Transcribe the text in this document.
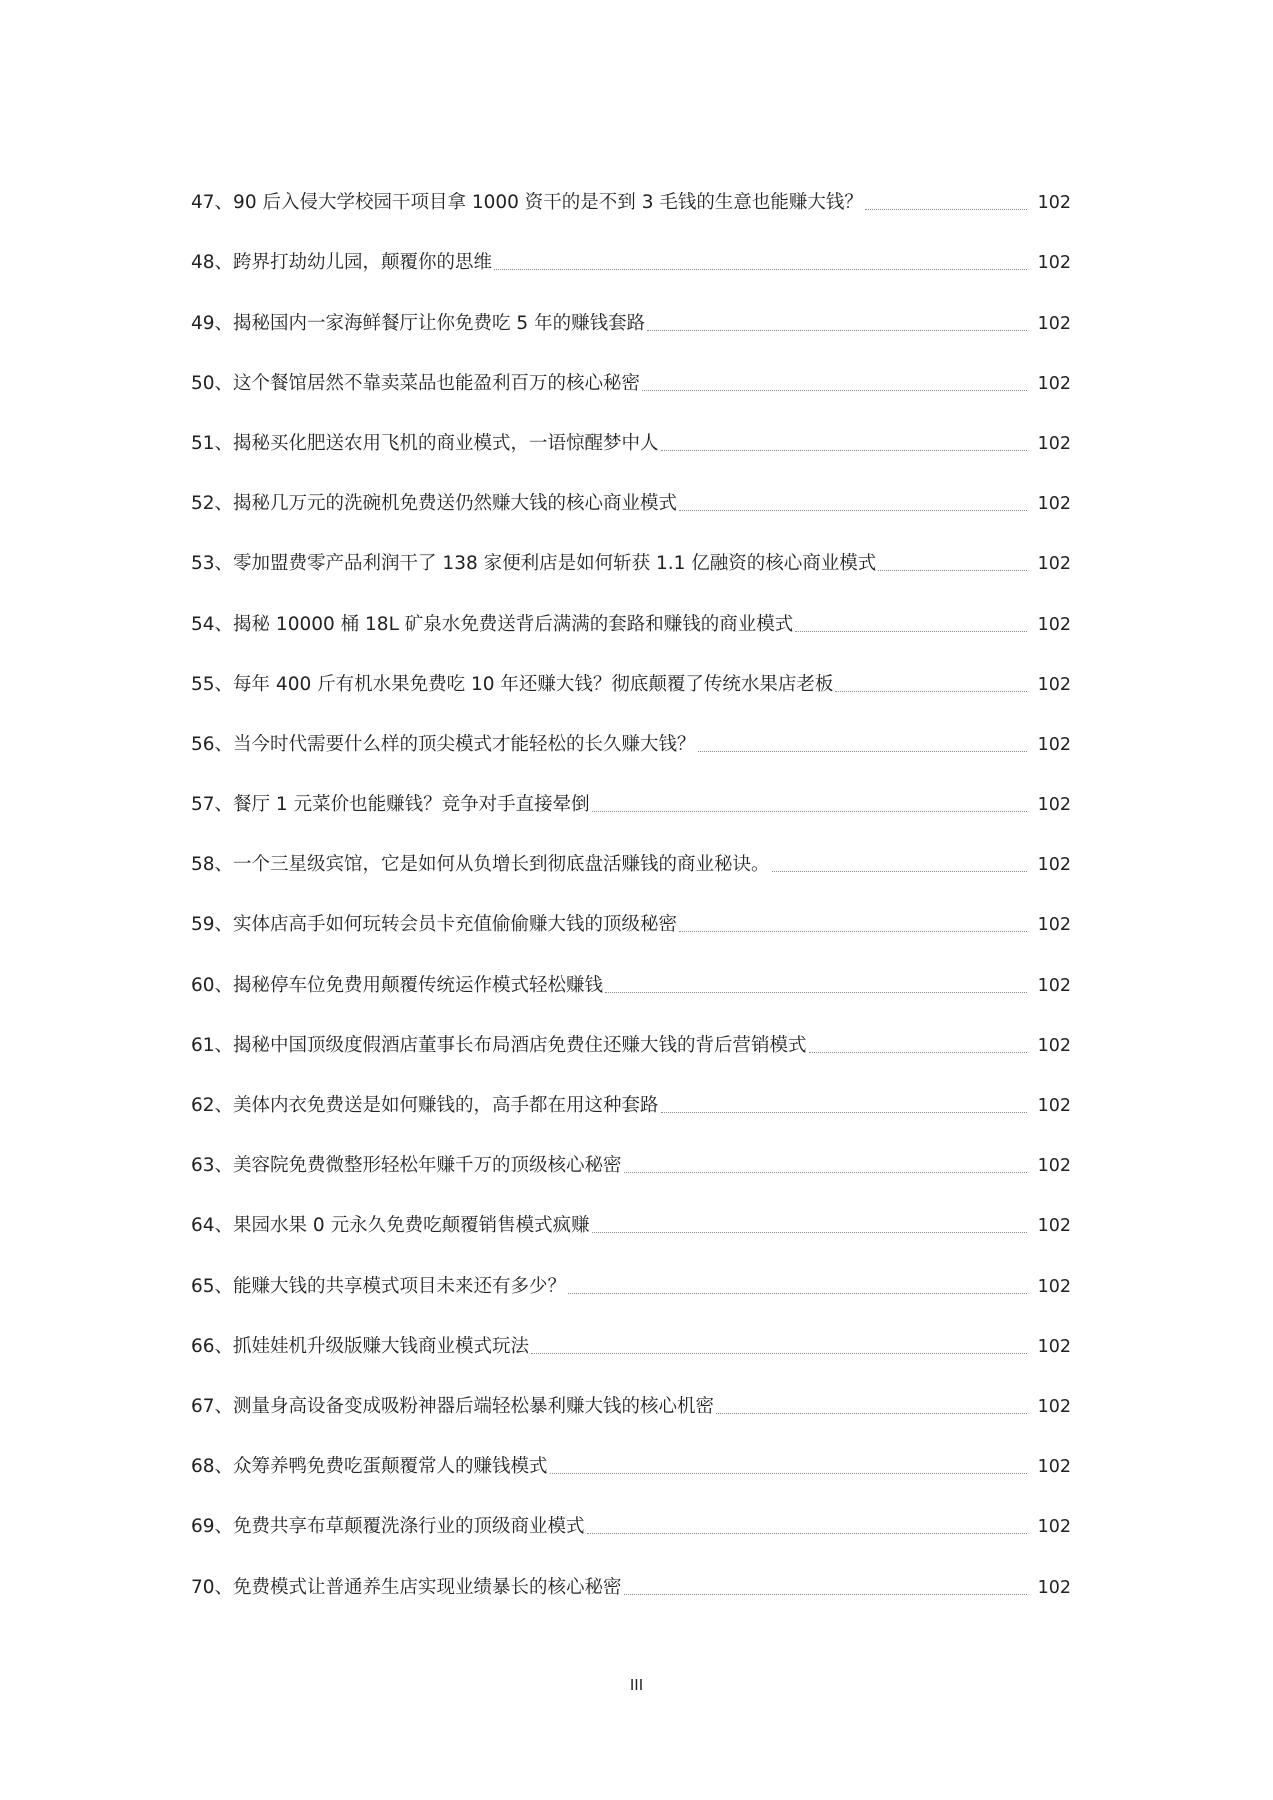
47、 90 后入侵大学校园干项目拿 1000 资干的是不到 3 毛钱的生意也能赚大钱？	102
48、 跨界打劫幼儿园，颠覆你的思维	102
49、 揭秘国内一家海鲜餐厅让你免费吃 5 年的赚钱套路	102
50、 这个餐馆居然不靠卖菜品也能盈利百万的核心秘密	102
51、 揭秘买化肥送农用飞机的商业模式，一语惊醒梦中人	102
52、 揭秘几万元的洗碗机免费送仍然赚大钱的核心商业模式	102
53、 零加盟费零产品利润干了 138 家便利店是如何斩获 1.1 亿融资的核心商业模式	102
54、 揭秘 10000 桶 18L 矿泉水免费送背后满满的套路和赚钱的商业模式	102
55、 每年 400 斤有机水果免费吃 10 年还赚大钱？彻底颠覆了传统水果店老板	102
56、 当今时代需要什么样的顶尖模式才能轻松的长久赚大钱？	102
57、 餐厅 1 元菜价也能赚钱？竞争对手直接晕倒	102
58、 一个三星级宾馆，它是如何从负增长到彻底盘活赚钱的商业秘诀。	102
59、 实体店高手如何玩转会员卡充值偷偷赚大钱的顶级秘密	102
60、 揭秘停车位免费用颠覆传统运作模式轻松赚钱	102
61、 揭秘中国顶级度假酒店董事长布局酒店免费住还赚大钱的背后营销模式	102
62、 美体内衣免费送是如何赚钱的，高手都在用这种套路	102
63、 美容院免费微整形轻松年赚千万的顶级核心秘密	102
64、 果园水果 0 元永久免费吃颠覆销售模式疯赚	102
65、 能赚大钱的共享模式项目未来还有多少？	102
66、 抓娃娃机升级版赚大钱商业模式玩法	102
67、 测量身高设备变成吸粉神器后端轻松暴利赚大钱的核心机密	102
68、 众筹养鸭免费吃蛋颠覆常人的赚钱模式	102
69、 免费共享布草颠覆洗涤行业的顶级商业模式	102
70、 免费模式让普通养生店实现业绩暴长的核心秘密	102
III
